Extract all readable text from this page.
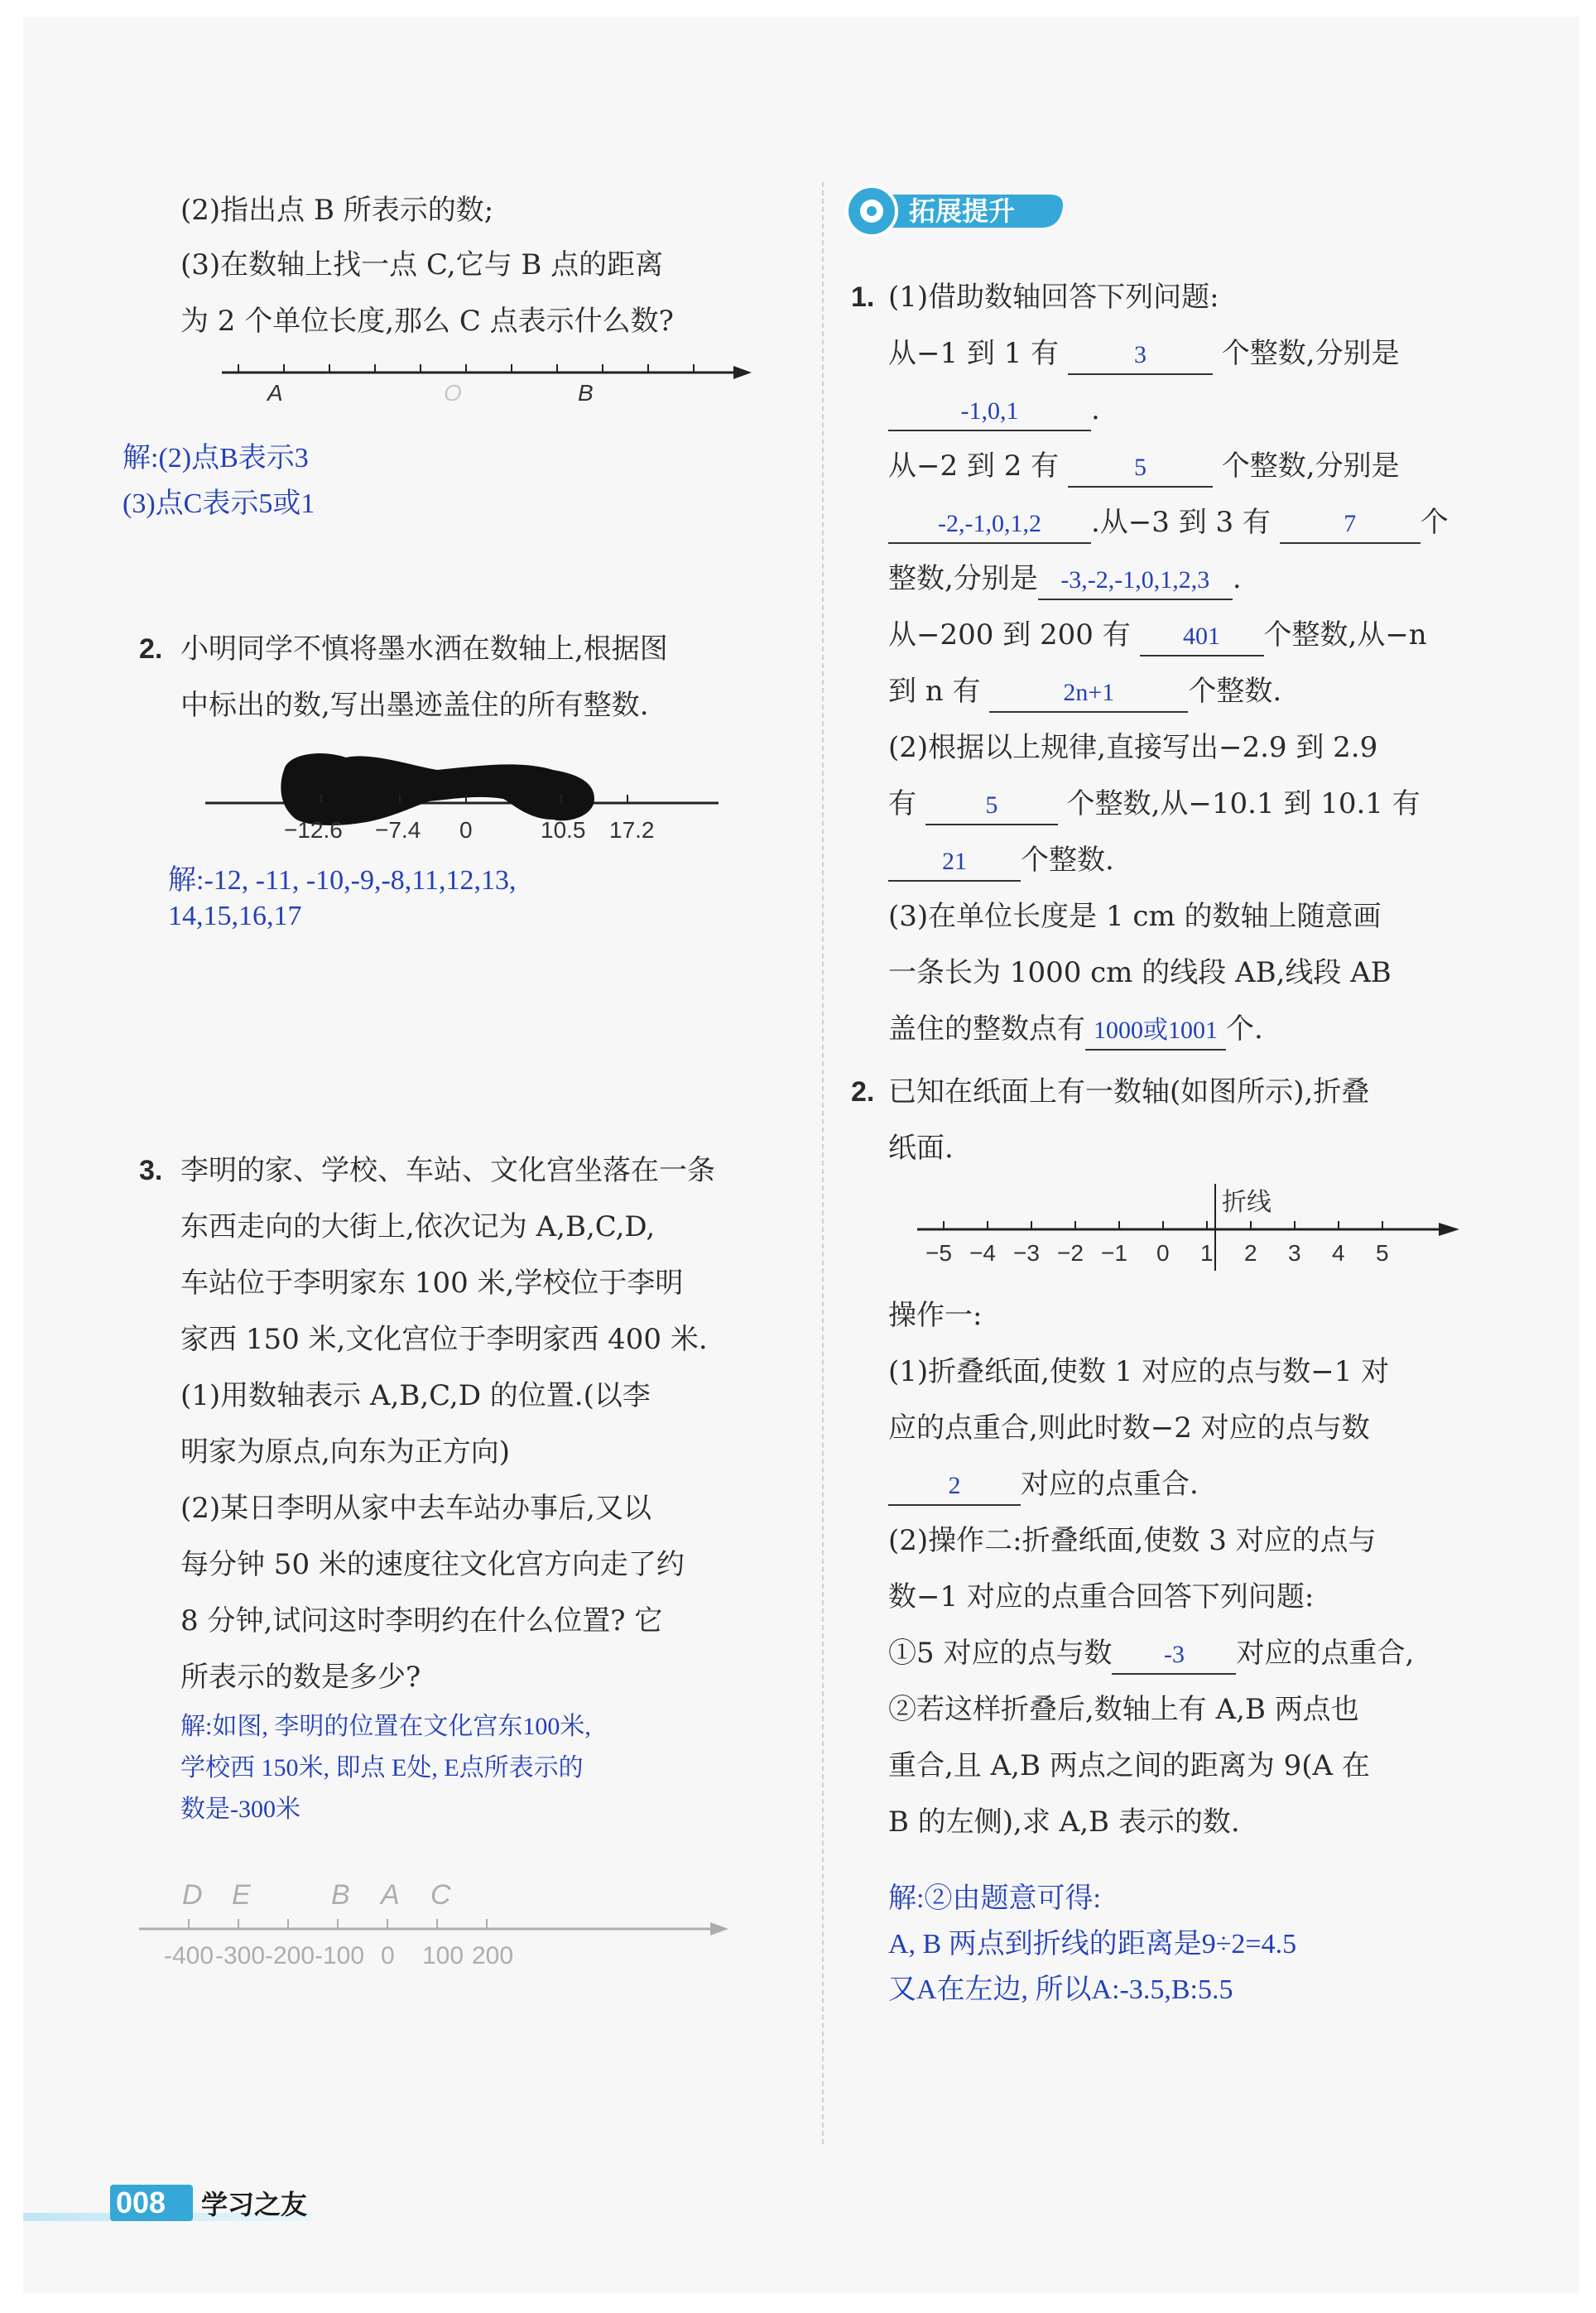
(2)指出点 B 所表示的数;
(3)在数轴上找一点 C,它与 B 点的距离
为 2 个单位长度,那么 C 点表示什么数?
A	O	B
解:(2)点B表示3
(3)点C表示5或1
2. 小明同学不慎将墨水洒在数轴上,根据图
中标出的数,写出墨迹盖住的所有整数.
−12.6 −7.4 0	10.5 17.2
解:-12, -11, -10,-9,-8,11,12,13,
14,15,16,17
3. 李明的家、学校、车站、文化宫坐落在一条
东西走向的大街上,依次记为 A,B,C,D,
车站位于李明家东 100 米,学校位于李明
家西 150 米,文化宫位于李明家西 400 米.
(1)用数轴表示 A,B,C,D 的位置.(以李
明家为原点,向东为正方向)
(2)某日李明从家中去车站办事后,又以
每分钟 50 米的速度往文化宫方向走了约
8 分钟,试问这时李明约在什么位置? 它
所表示的数是多少?
解:如图, 李明的位置在文化宫东100米,
学校西 150米, 即点 E处, E点所表示的
数是-300米
D E	B A C
-400 -300 -200 -100 0 100 200
拓展提升
1. (1)借助数轴回答下列问题:
从−1 到 1 有	3	个整数,分别是
-1,0,1	.
从−2 到 2 有	5	个整数,分别是
-2,-1,0,1,2 .从−3 到 3 有	7 个
整数,分别是 -3,-2,-1,0,1,2,3 .
从−200 到 200 有 401 个整数,从−n
到 n 有	2n+1	个整数.
(2)根据以上规律,直接写出−2.9 到 2.9
有	5 个整数,从−10.1 到 10.1 有
21 个整数.
(3)在单位长度是 1 cm 的数轴上随意画
一条长为 1000 cm 的线段 AB,线段 AB
盖住的整数点有 1000或1001 个.
2. 已知在纸面上有一数轴(如图所示),折叠
纸面.
折线
−5 −4 −3 −2 −1 0 1 2 3 4 5
操作一:
(1)折叠纸面,使数 1 对应的点与数−1 对
应的点重合,则此时数−2 对应的点与数
2 对应的点重合.
(2)操作二:折叠纸面,使数 3 对应的点与
数−1 对应的点重合回答下列问题:
①5 对应的点与数 -3 对应的点重合,
②若这样折叠后,数轴上有 A,B 两点也
重合,且 A,B 两点之间的距离为 9(A 在
B 的左侧),求 A,B 表示的数.
解:②由题意可得:
A, B 两点到折线的距离是9÷2=4.5
又A在左边, 所以A:-3.5,B:5.5
008 学习之友
